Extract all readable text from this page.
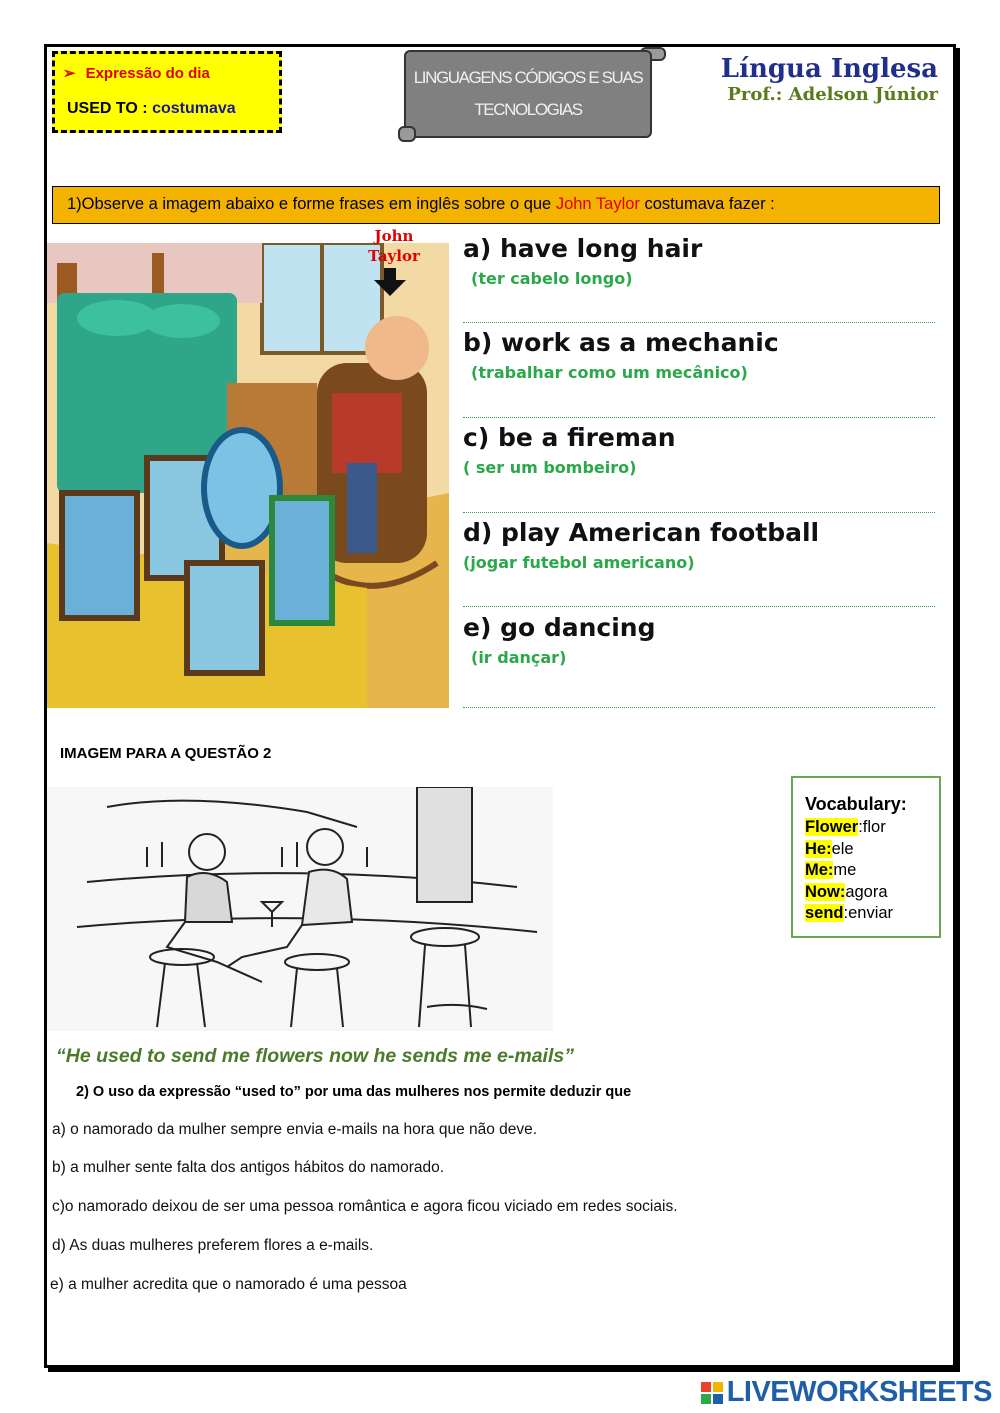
➢ Expressão do dia
USED TO : costumava
LINGUAGENS CÓDIGOS E SUAS
TECNOLOGIAS
Língua Inglesa
Prof.: Adelson Júnior
1)Observe a imagem abaixo e forme frases em inglês sobre o que John Taylor costumava fazer :
John
Taylor a) have long hair
(ter cabelo longo)
b) work as a mechanic
(trabalhar como um mecânico)
c) be a fireman
( ser um bombeiro)
d) play American football
(jogar futebol americano)
e) go dancing
(ir dançar)
IMAGEM PARA A QUESTÃO 2
Vocabulary:
Flower:flor
He:ele
Me:me
Now:agora
send:enviar
“He used to send me flowers now he sends me e-mails”
2) O uso da expressão “used to” por uma das mulheres nos permite deduzir que
a) o namorado da mulher sempre envia e-mails na hora que não deve.
b) a mulher sente falta dos antigos hábitos do namorado.
c)o namorado deixou de ser uma pessoa romântica e agora ficou viciado em redes sociais.
d) As duas mulheres preferem flores a e-mails.
e) a mulher acredita que o namorado é uma pessoa
LIVEWORKSHEETS
